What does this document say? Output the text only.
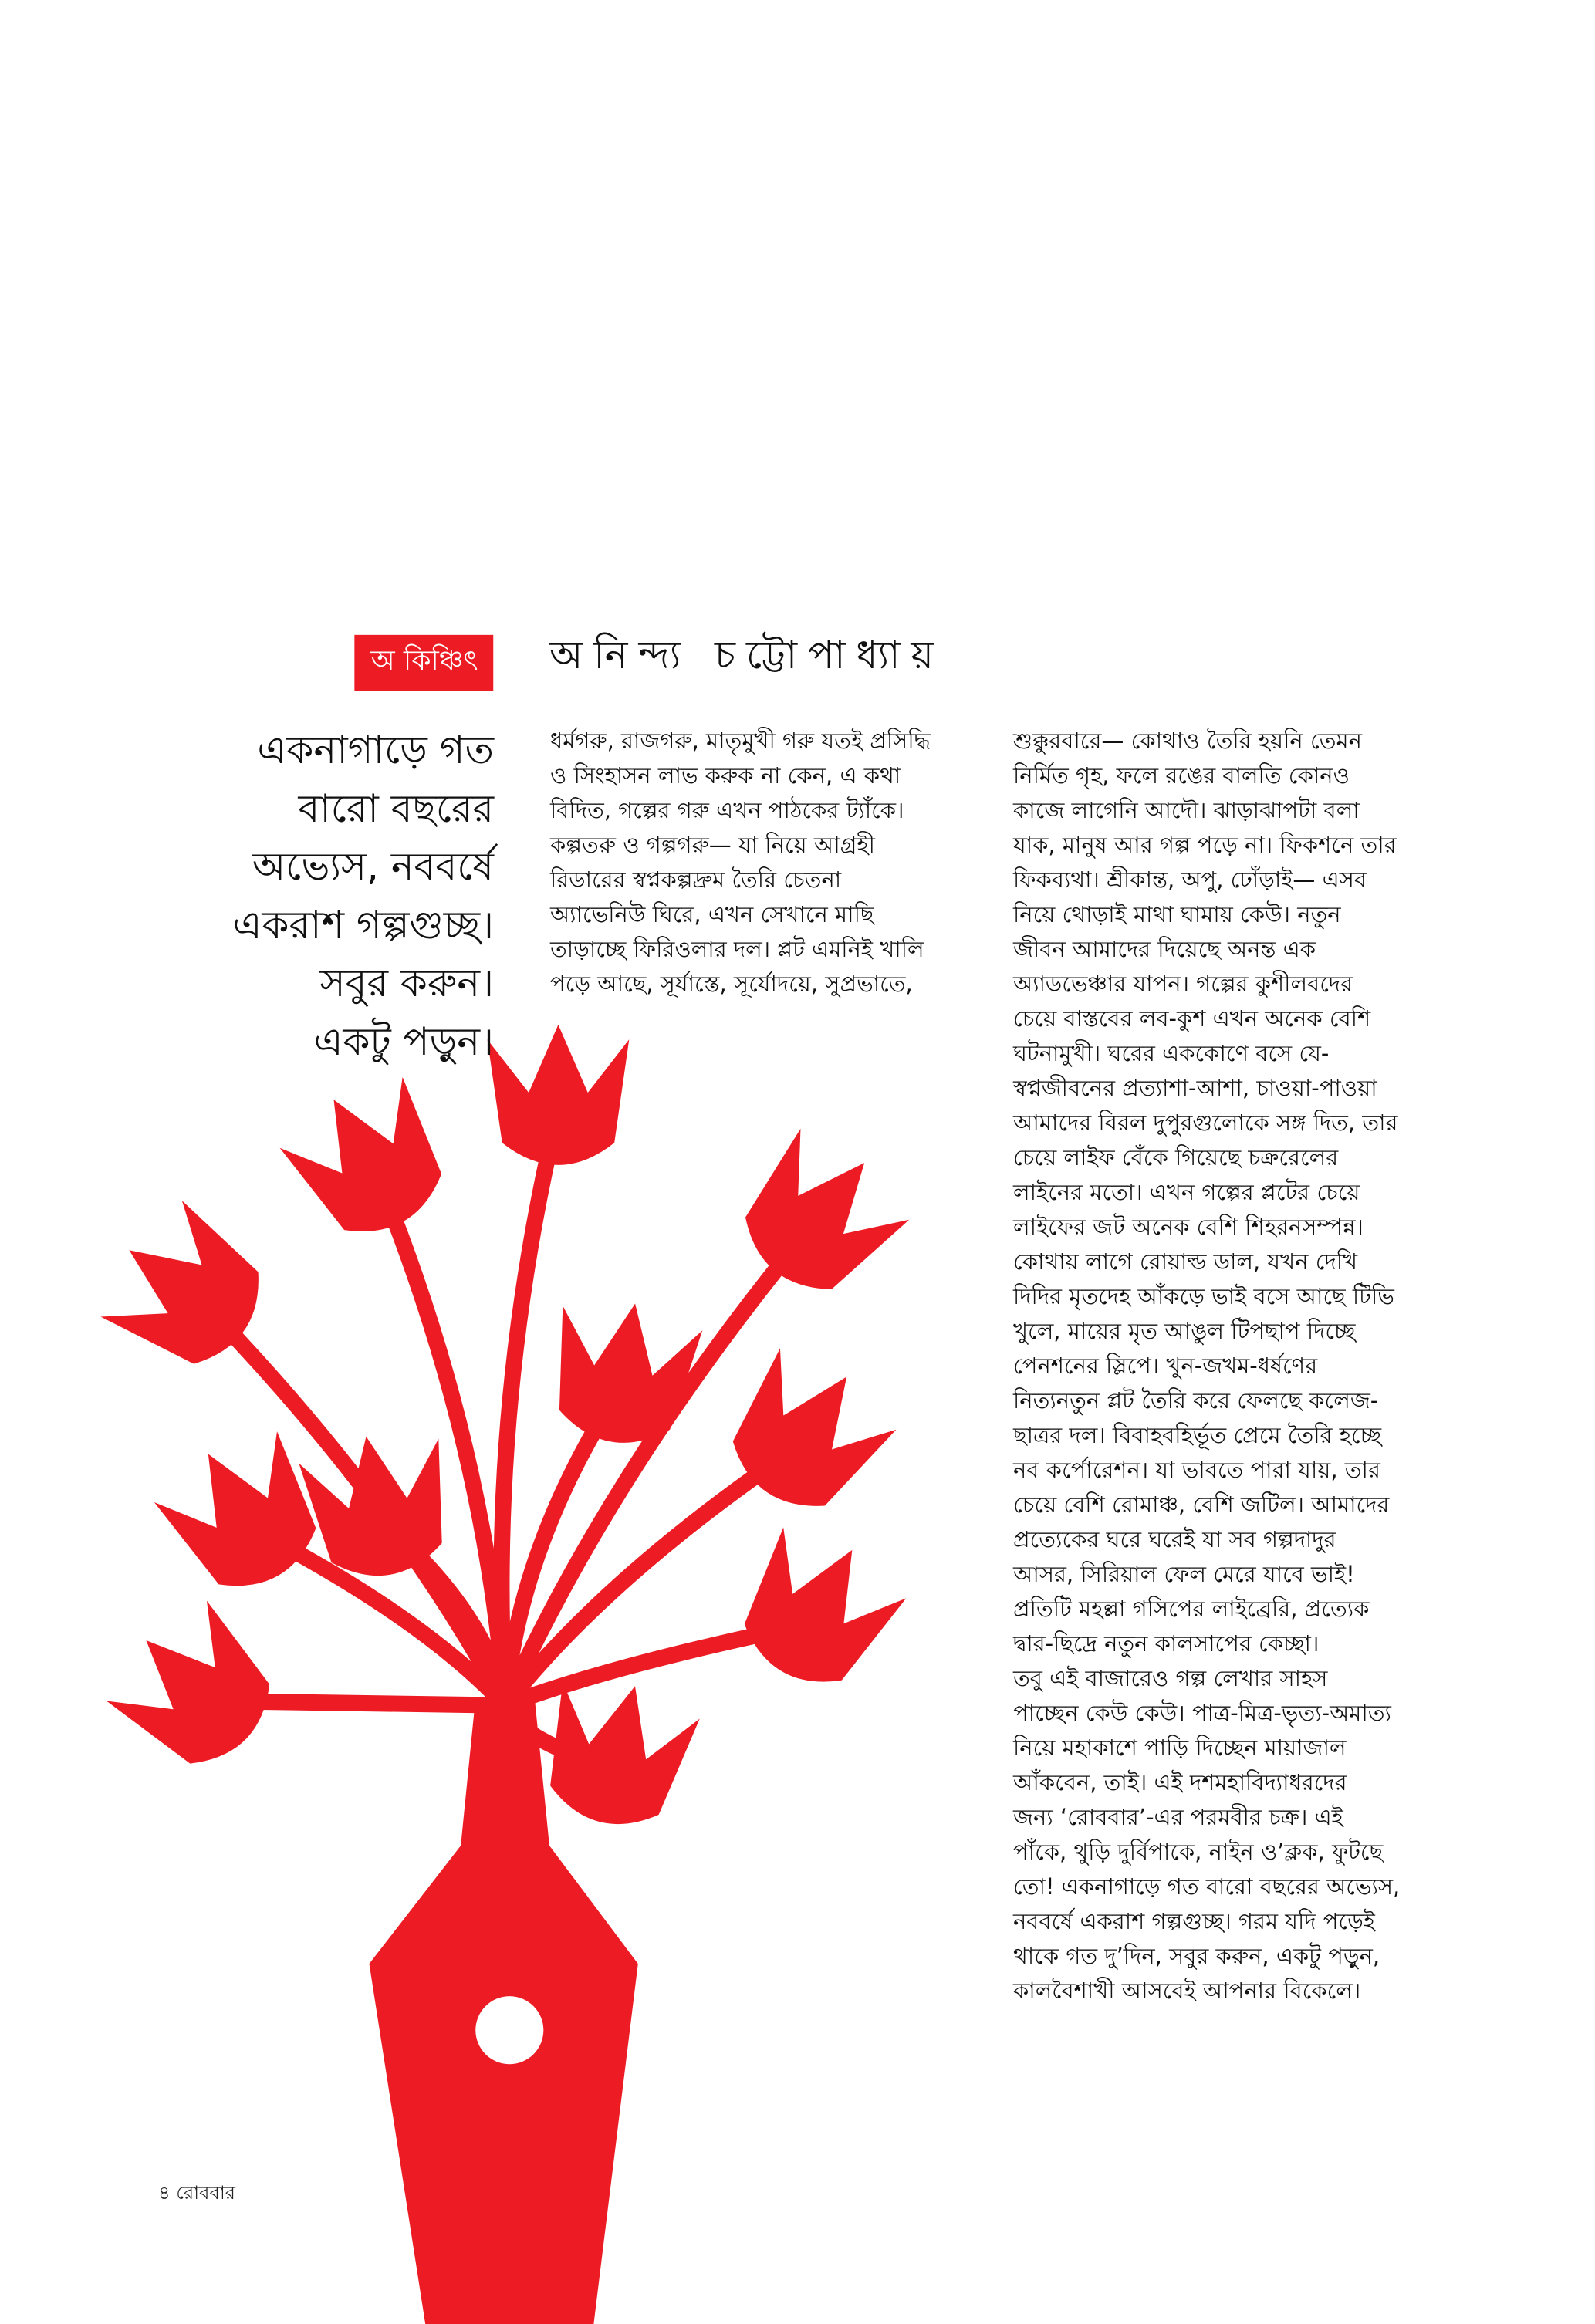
অ কিঞ্চিৎ	অনিন্দ্য চট্টোপাধ্যায়
একনাগাড়ে গত
বারো বছরের
অভ্যেস, নববর্ষে
একরাশ গল্পগুচ্ছ।
সবুর করুন।
একটু পড়ুন।
ধর্মগরু, রাজগরু, মাতৃমুখী গরু যতই প্রসিদ্ধি
ও সিংহাসন লাভ করুক না কেন, এ কথা
বিদিত, গল্পের গরু এখন পাঠকের ট্যাঁকে।
কল্পতরু ও গল্পগরু— যা নিয়ে আগ্রহী
রিডারের স্বপ্নকল্পদ্রুম তৈরি চেতনা
অ্যাভেনিউ ঘিরে, এখন সেখানে মাছি
তাড়াচ্ছে ফিরিওলার দল। প্লট এমনিই খালি
পড়ে আছে, সূর্যাস্তে, সূর্যোদয়ে, সুপ্রভাতে,
শুক্কুরবারে— কোথাও তৈরি হয়নি তেমন
নির্মিত গৃহ, ফলে রঙের বালতি কোনও
কাজে লাগেনি আদৌ। ঝাড়াঝাপটা বলা
যাক, মানুষ আর গল্প পড়ে না। ফিকশনে তার
ফিকব্যথা। শ্রীকান্ত, অপু, ঢোঁড়াই— এসব
নিয়ে থোড়াই মাথা ঘামায় কেউ। নতুন
জীবন আমাদের দিয়েছে অনন্ত এক
অ্যাডভেঞ্চার যাপন। গল্পের কুশীলবদের
চেয়ে বাস্তবের লব-কুশ এখন অনেক বেশি
ঘটনামুখী। ঘরের এককোণে বসে যে-
স্বপ্নজীবনের প্রত্যাশা-আশা, চাওয়া-পাওয়া
আমাদের বিরল দুপুরগুলোকে সঙ্গ দিত, তার
চেয়ে লাইফ বেঁকে গিয়েছে চক্ররেলের
লাইনের মতো। এখন গল্পের প্লটের চেয়ে
লাইফের জট অনেক বেশি শিহরনসম্পন্ন।
কোথায় লাগে রোয়াল্ড ডাল, যখন দেখি
দিদির মৃতদেহ আঁকড়ে ভাই বসে আছে টিভি
খুলে, মায়ের মৃত আঙুল টিপছাপ দিচ্ছে
পেনশনের স্লিপে। খুন-জখম-ধর্ষণের
নিত্যনতুন প্লট তৈরি করে ফেলছে কলেজ-
ছাত্রর দল। বিবাহবহির্ভূত প্রেমে তৈরি হচ্ছে
নব কর্পোরেশন। যা ভাবতে পারা যায়, তার
চেয়ে বেশি রোমাঞ্চ, বেশি জটিল। আমাদের
প্রত্যেকের ঘরে ঘরেই যা সব গল্পদাদুর
আসর, সিরিয়াল ফেল মেরে যাবে ভাই!
প্রতিটি মহল্লা গসিপের লাইব্রেরি, প্রত্যেক
দ্বার-ছিদ্রে নতুন কালসাপের কেচ্ছা।
তবু এই বাজারেও গল্প লেখার সাহস
পাচ্ছেন কেউ কেউ। পাত্র-মিত্র-ভৃত্য-অমাত্য
নিয়ে মহাকাশে পাড়ি দিচ্ছেন মায়াজাল
আঁকবেন, তাই। এই দশমহাবিদ্যাধরদের
জন্য ‘রোববার’-এর পরমবীর চক্র। এই
পাঁকে, থুড়ি দুর্বিপাকে, নাইন ও’ক্লক, ফুটছে
তো! একনাগাড়ে গত বারো বছরের অভ্যেস,
নববর্ষে একরাশ গল্পগুচ্ছ। গরম যদি পড়েই
থাকে গত দু’দিন, সবুর করুন, একটু পড়ুন,
কালবৈশাখী আসবেই আপনার বিকেলে।
৪ রোববার
